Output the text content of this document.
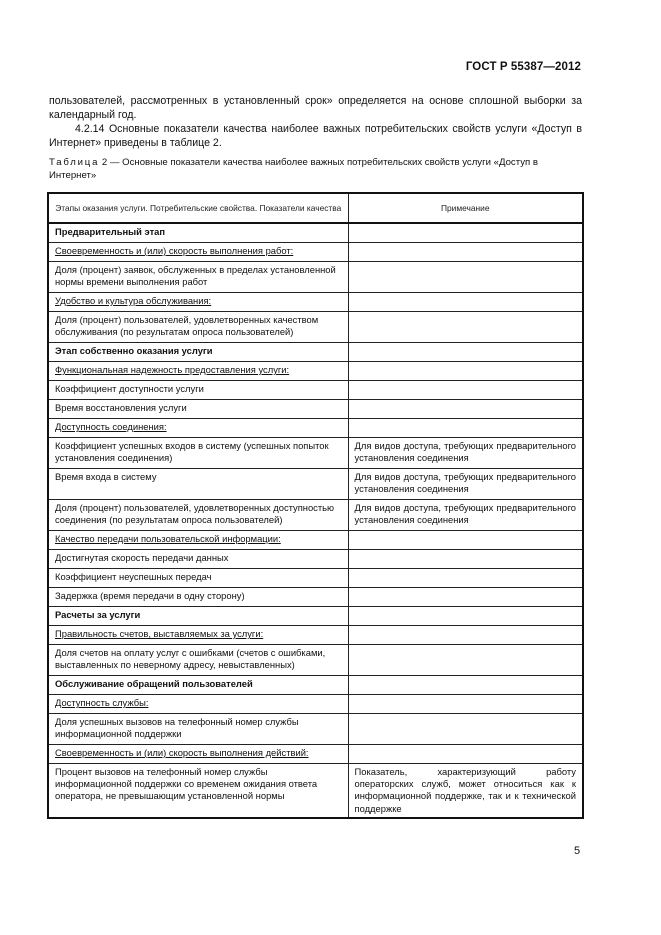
ГОСТ Р 55387—2012
пользователей, рассмотренных в установленный срок» определяется на основе сплошной выборки за календарный год.
4.2.14 Основные показатели качества наиболее важных потребительских свойств услуги «Доступ в Интернет» приведены в таблице 2.
Таблица 2 — Основные показатели качества наиболее важных потребительских свойств услуги «Доступ в Интернет»
Этапы оказания услуги. Потребительские свойства. Показатели качества	Примечание
Предварительный этап	
Своевременность и (или) скорость выполнения работ:	
Доля (процент) заявок, обслуженных в пределах установленной нормы времени выполнения работ	
Удобство и культура обслуживания:	
Доля (процент) пользователей, удовлетворенных качеством обслуживания (по результатам опроса пользователей)	
Этап собственно оказания услуги	
Функциональная надежность предоставления услуги:	
Коэффициент доступности услуги	
Время восстановления услуги	
Доступность соединения:	
Коэффициент успешных входов в систему (успешных попыток установления соединения)	Для видов доступа, требующих предварительного установления соединения
Время входа в систему	Для видов доступа, требующих предварительного установления соединения
Доля (процент) пользователей, удовлетворенных доступностью соединения (по результатам опроса пользователей)	Для видов доступа, требующих предварительного установления соединения
Качество передачи пользовательской информации:	
Достигнутая скорость передачи данных	
Коэффициент неуспешных передач	
Задержка (время передачи в одну сторону)	
Расчеты за услуги	
Правильность счетов, выставляемых за услуги:	
Доля счетов на оплату услуг с ошибками (счетов с ошибками, выставленных по неверному адресу, невыставленных)	
Обслуживание обращений пользователей	
Доступность службы:	
Доля успешных вызовов на телефонный номер службы информационной поддержки	
Своевременность и (или) скорость выполнения действий:	
Процент вызовов на телефонный номер службы информационной поддержки со временем ожидания ответа оператора, не превышающим установленной нормы	Показатель, характеризующий работу операторских служб, может относиться как к информационной поддержке, так и к технической поддержке
5
